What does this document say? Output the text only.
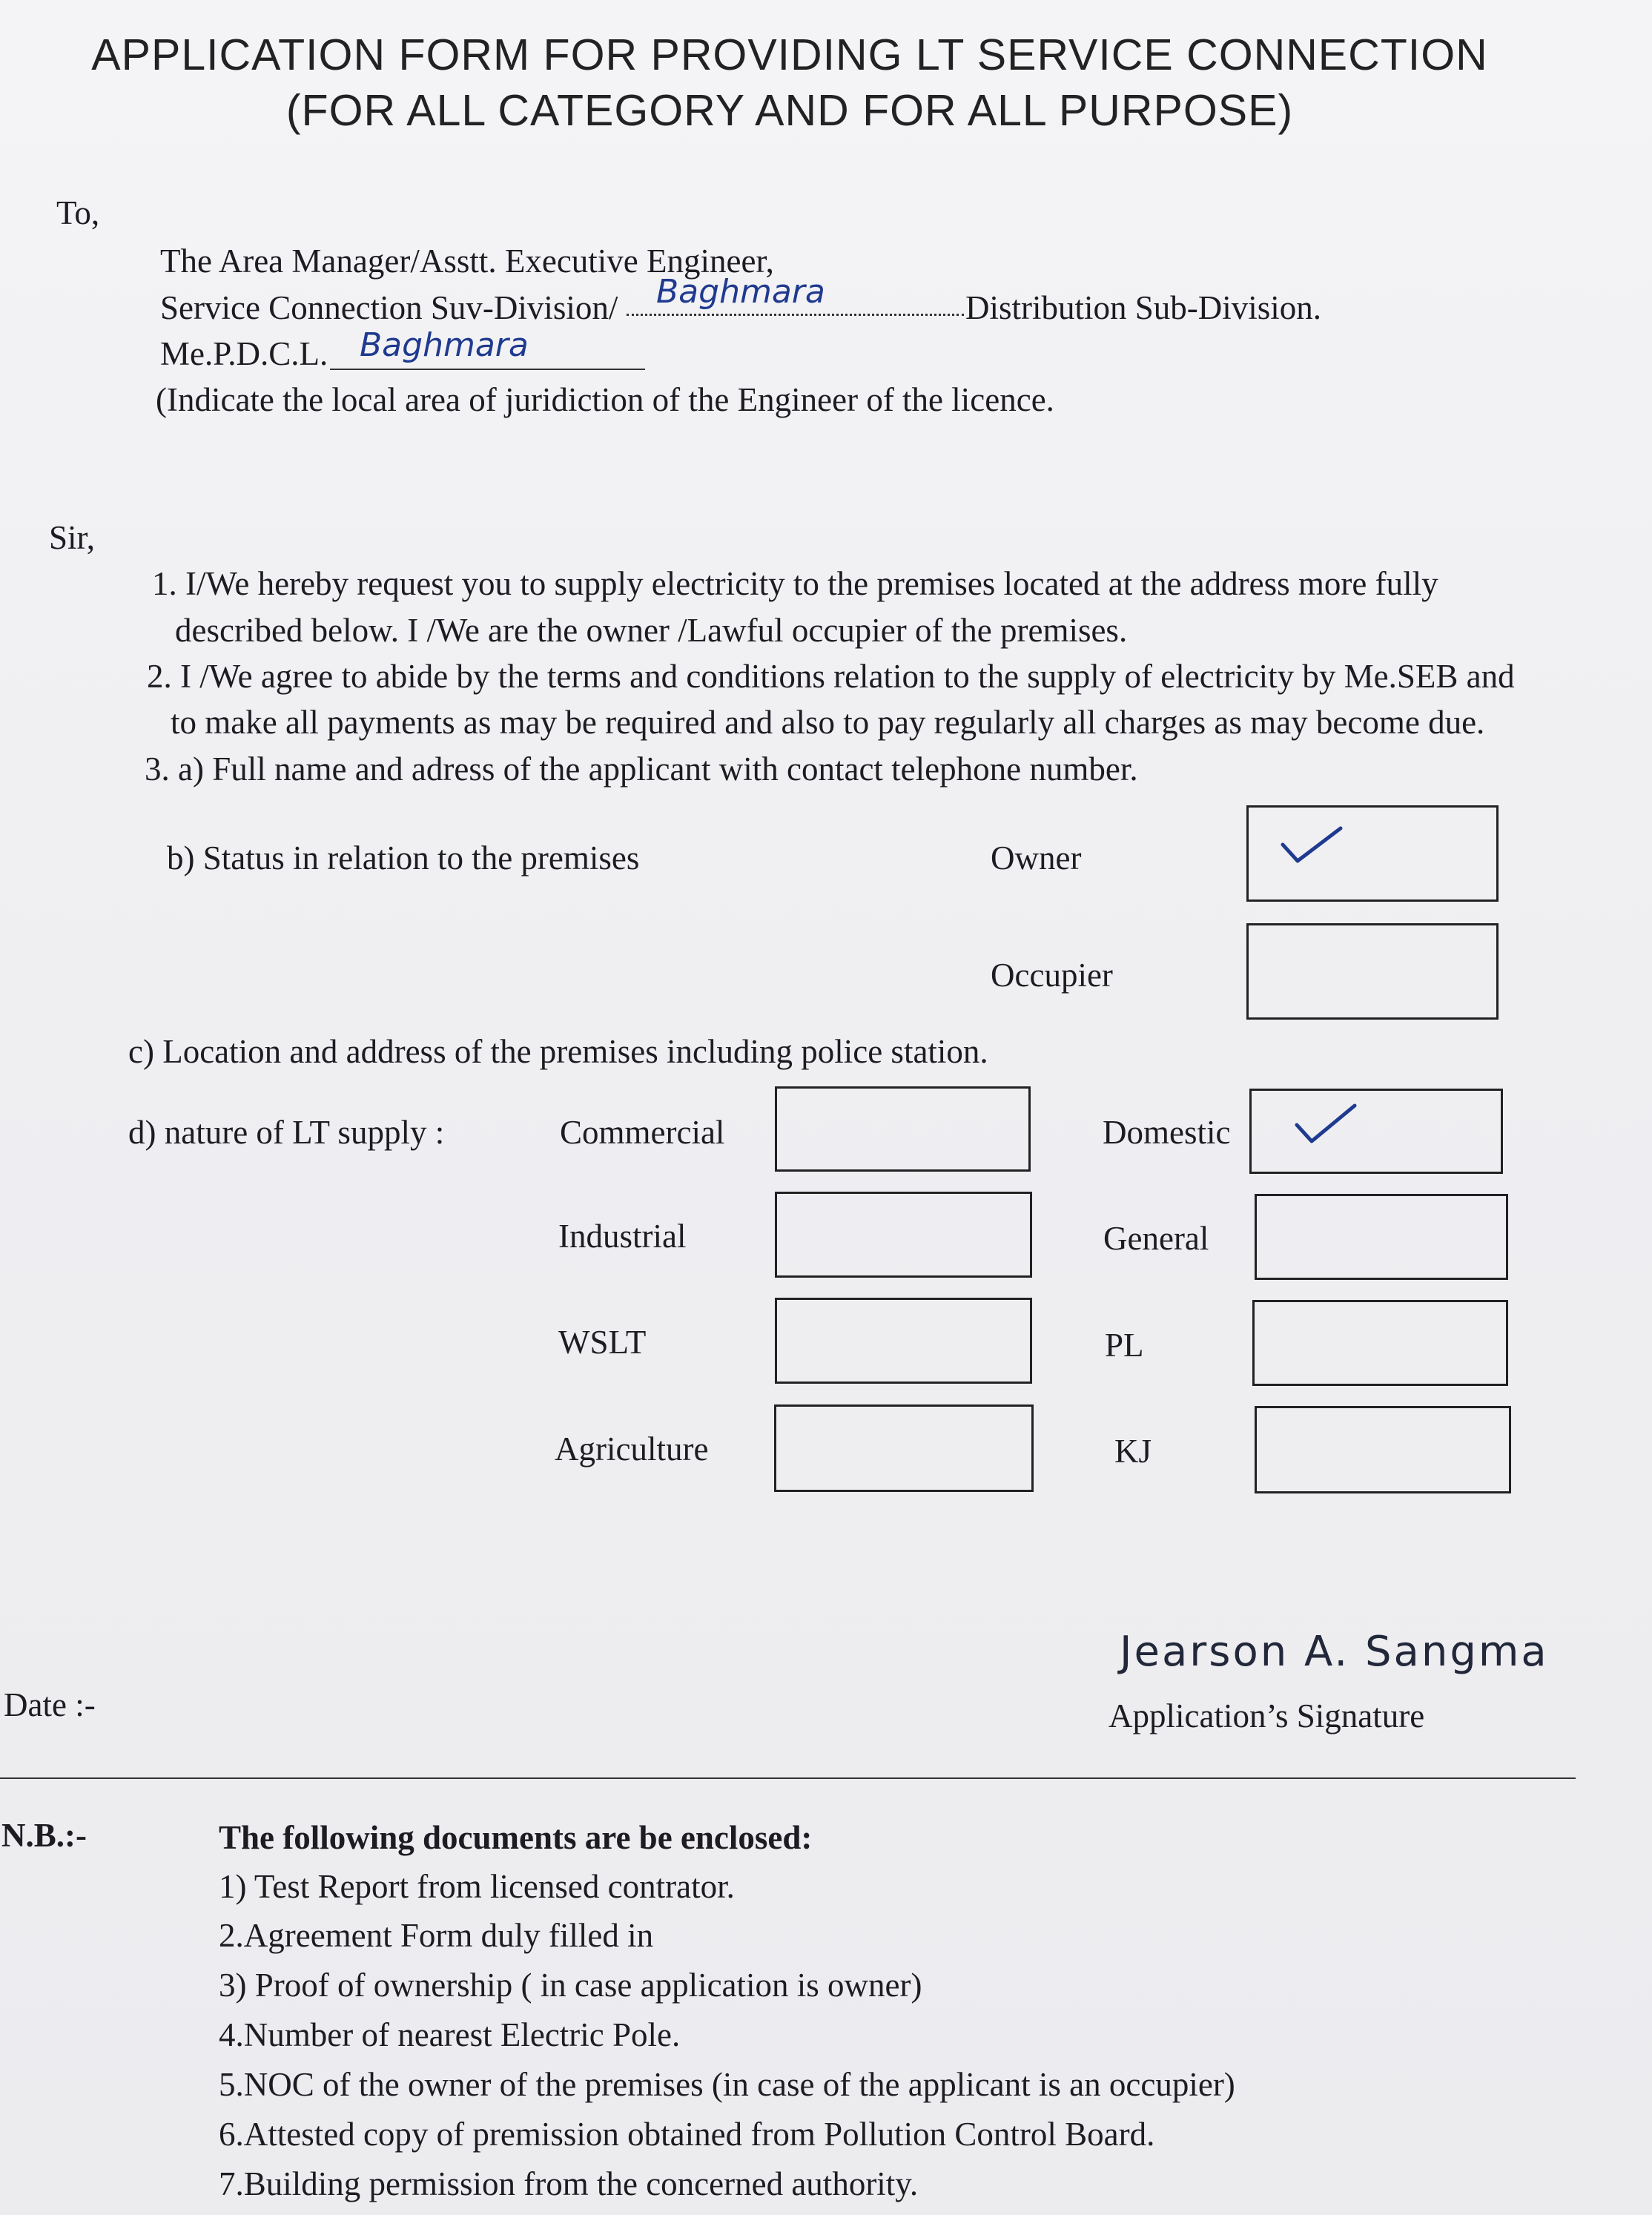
APPLICATION FORM FOR PROVIDING LT SERVICE CONNECTION
(FOR ALL CATEGORY AND FOR ALL PURPOSE)
To,
The Area Manager/Asstt. Executive Engineer,
Service Connection Suv-Division/ Baghmara	Distribution Sub-Division.
Me.P.D.C.L. Baghmara
(Indicate the local area of juridiction of the Engineer of the licence.
Sir,
1. I/We hereby request you to supply electricity to the premises located at the address more fully
described below. I /We are the owner /Lawful occupier of the premises.
2. I /We agree to abide by the terms and conditions relation to the supply of electricity by Me.SEB and
to make all payments as may be required and also to pay regularly all charges as may become due.
3. a) Full name and adress of the applicant with contact telephone number.
b) Status in relation to the premises	Owner
Occupier
c) Location and address of the premises including police station.
d) nature of LT supply :	Commercial	Domestic
Industrial	General
WSLT	PL
Agriculture	KJ
Jearson A. Sangma
Date :-	Application’s Signature
N.B.:-	The following documents are be enclosed:
1) Test Report from licensed contrator.
2.Agreement Form duly filled in
3) Proof of ownership ( in case application is owner)
4.Number of nearest Electric Pole.
5.NOC of the owner of the premises (in case of the applicant is an occupier)
6.Attested copy of premission obtained from Pollution Control Board.
7.Building permission from the concerned authority.
